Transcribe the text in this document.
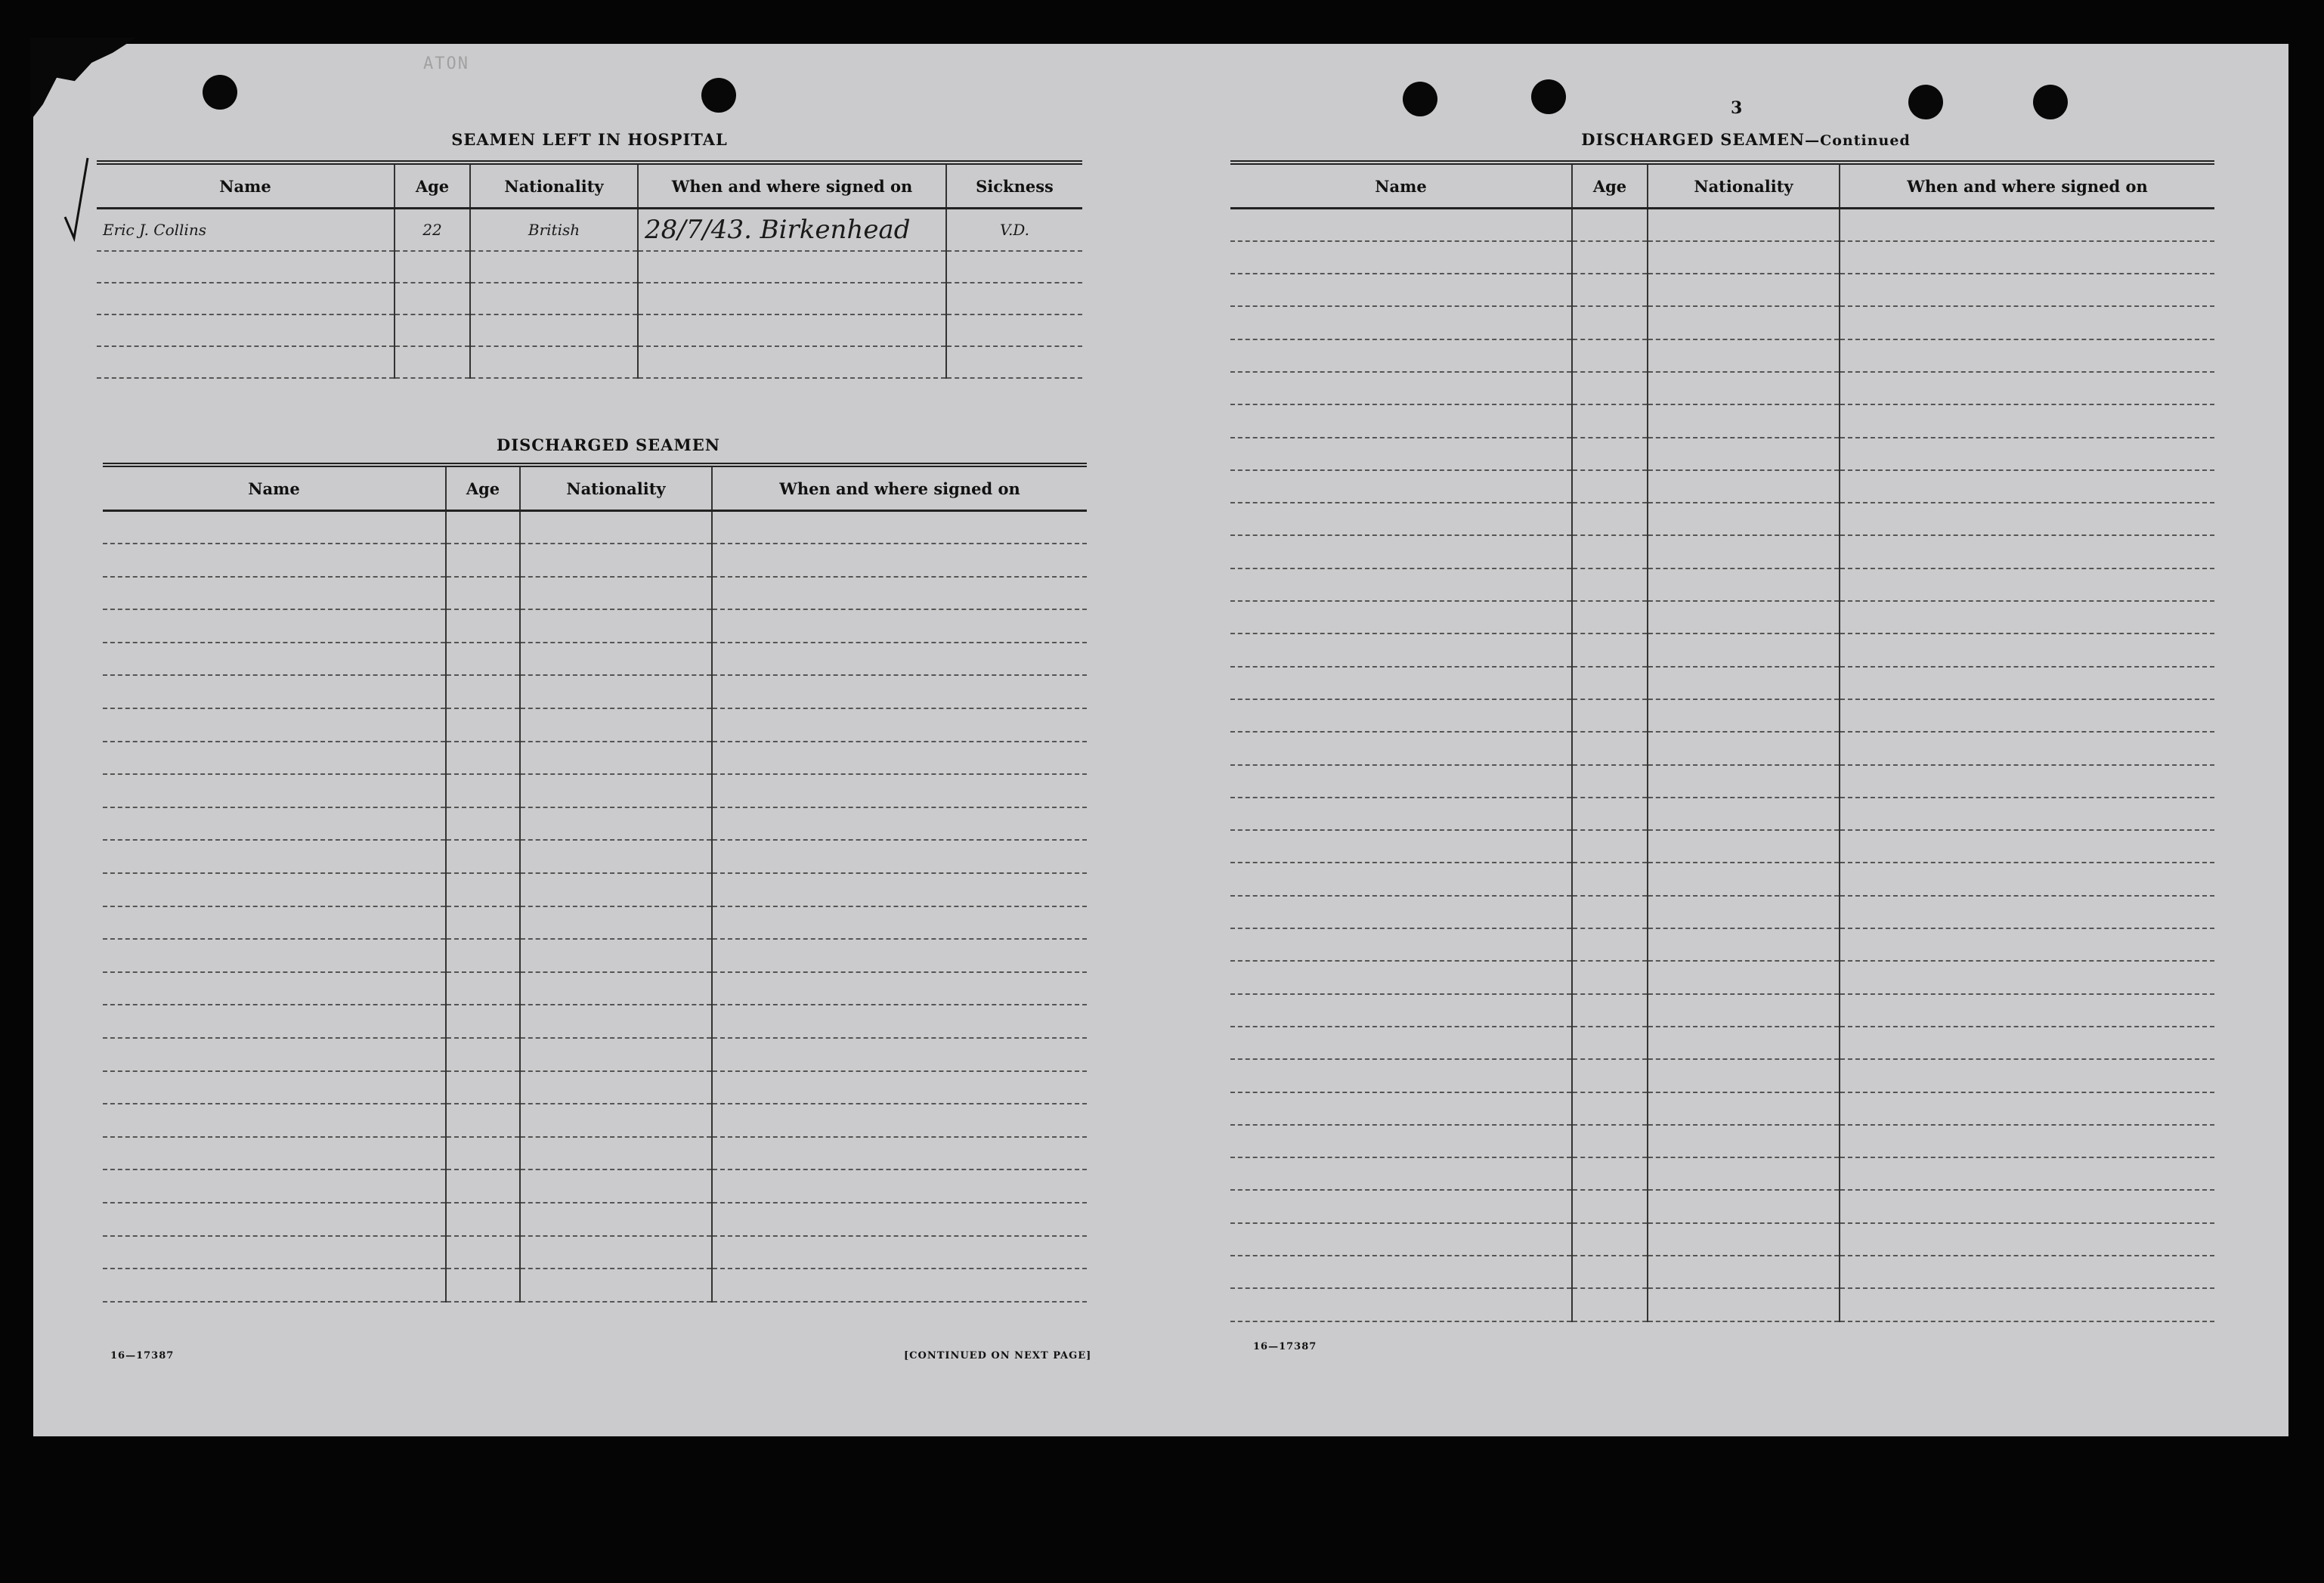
ATON
SEAMEN LEFT IN HOSPITAL
Name	Age	Nationality	When and where signed on	Sickness
Eric J. Collins	22	British	28/7/43. Birkenhead	V.D.

DISCHARGED SEAMEN
Name	Age	Nationality	When and where signed on

16—17387	[CONTINUED ON NEXT PAGE]
3
DISCHARGED SEAMEN—Continued
Name	Age	Nationality	When and where signed on

16—17387
